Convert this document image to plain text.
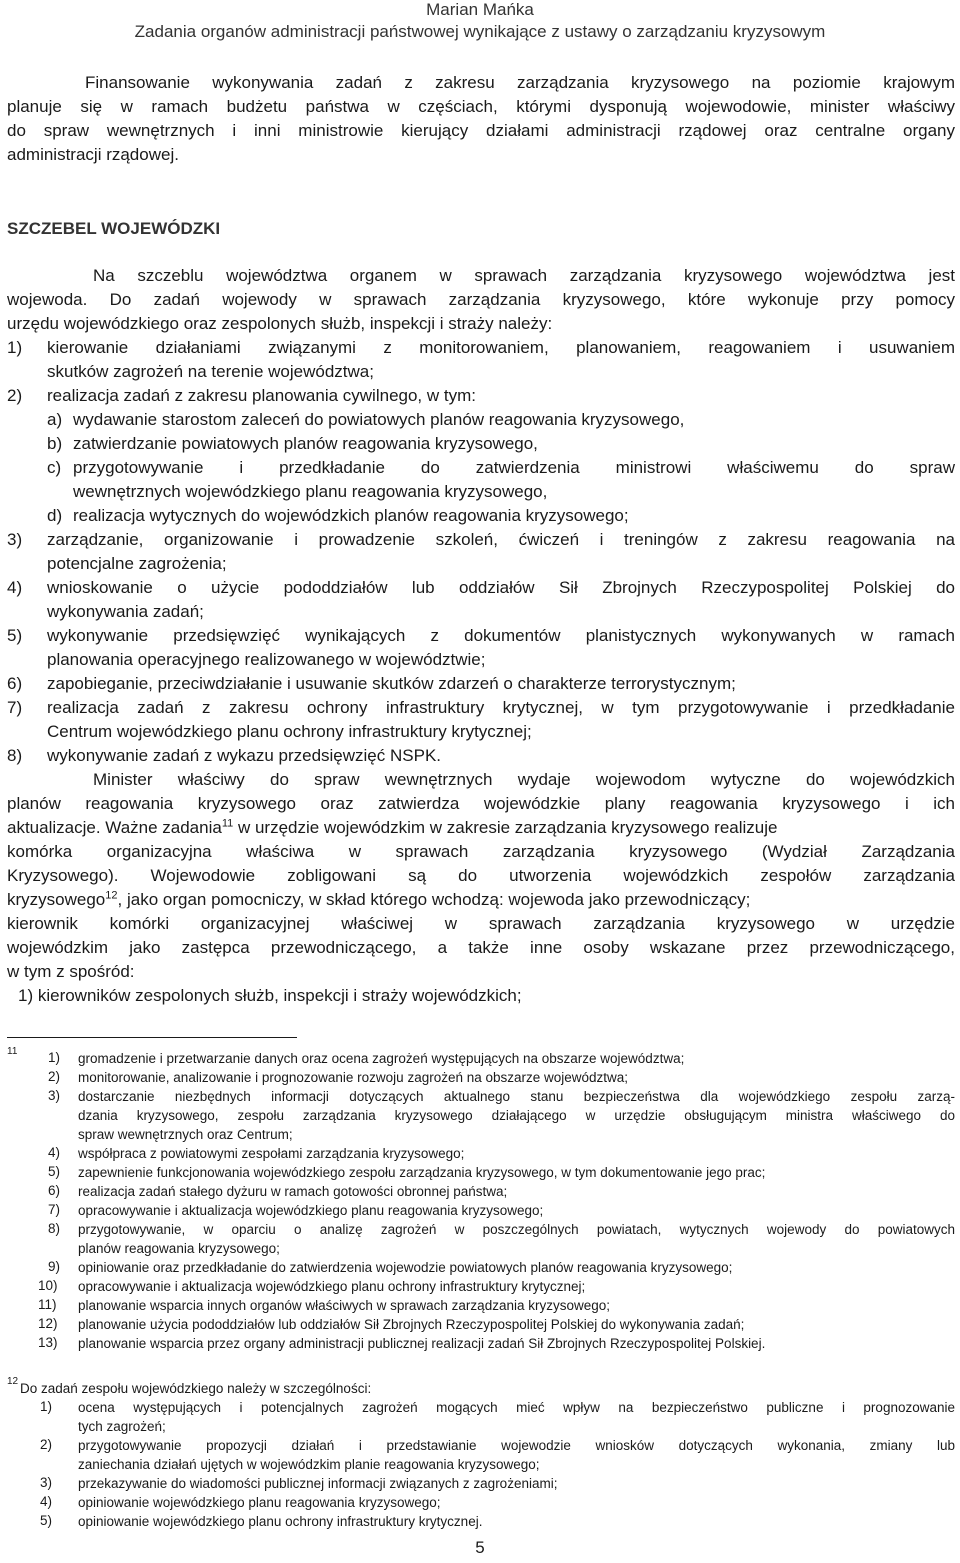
Marian Mańka
Zadania organów administracji państwowej wynikające z ustawy o zarządzaniu kryzysowym
Finansowanie wykonywania zadań z zakresu zarządzania kryzysowego na poziomie krajowym
planuje się w ramach budżetu państwa w częściach, którymi dysponują wojewodowie, minister właściwy
do spraw wewnętrznych i inni ministrowie kierujący działami administracji rządowej oraz centralne organy
administracji rządowej.
SZCZEBEL WOJEWÓDZKI
Na szczeblu województwa organem w sprawach zarządzania kryzysowego województwa jest
wojewoda. Do zadań wojewody w sprawach zarządzania kryzysowego, które wykonuje przy pomocy
urzędu wojewódzkiego oraz zespolonych służb, inspekcji i straży należy:
1) kierowanie działaniami związanymi z monitorowaniem, planowaniem, reagowaniem i usuwaniem
skutków zagrożeń na terenie województwa;
2) realizacja zadań z zakresu planowania cywilnego, w tym:
a) wydawanie starostom zaleceń do powiatowych planów reagowania kryzysowego,
b) zatwierdzanie powiatowych planów reagowania kryzysowego,
c) przygotowywanie i przedkładanie do zatwierdzenia ministrowi właściwemu do spraw
wewnętrznych wojewódzkiego planu reagowania kryzysowego,
d) realizacja wytycznych do wojewódzkich planów reagowania kryzysowego;
3) zarządzanie, organizowanie i prowadzenie szkoleń, ćwiczeń i treningów z zakresu reagowania na
potencjalne zagrożenia;
4) wnioskowanie o użycie pododdziałów lub oddziałów Sił Zbrojnych Rzeczypospolitej Polskiej do
wykonywania zadań;
5) wykonywanie przedsięwzięć wynikających z dokumentów planistycznych wykonywanych w ramach
planowania operacyjnego realizowanego w województwie;
6) zapobieganie, przeciwdziałanie i usuwanie skutków zdarzeń o charakterze terrorystycznym;
7) realizacja zadań z zakresu ochrony infrastruktury krytycznej, w tym przygotowywanie i przedkładanie
Centrum wojewódzkiego planu ochrony infrastruktury krytycznej;
8) wykonywanie zadań z wykazu przedsięwzięć NSPK.
Minister właściwy do spraw wewnętrznych wydaje wojewodom wytyczne do wojewódzkich
planów reagowania kryzysowego oraz zatwierdza wojewódzkie plany reagowania kryzysowego i ich
aktualizacje. Ważne zadania$^{11}$ w urzędzie wojewódzkim w zakresie zarządzania kryzysowego realizuje
komórka organizacyjna właściwa w sprawach zarządzania kryzysowego (Wydział Zarządzania
Kryzysowego). Wojewodowie zobligowani są do utworzenia wojewódzkich zespołów zarządzania
kryzysowego$^{12}$, jako organ pomocniczy, w skład którego wchodzą: wojewoda jako przewodniczący;
kierownik komórki organizacyjnej właściwej w sprawach zarządzania kryzysowego w urzędzie
wojewódzkim jako zastępca przewodniczącego, a także inne osoby wskazane przez przewodniczącego,
w tym z spośród:
1) kierowników zespolonych służb, inspekcji i straży wojewódzkich;
11 1) gromadzenie i przetwarzanie danych oraz ocena zagrożeń występujących na obszarze województwa;
2) monitorowanie, analizowanie i prognozowanie rozwoju zagrożeń na obszarze województwa;
3) dostarczanie niezbędnych informacji dotyczących aktualnego stanu bezpieczeństwa dla wojewódzkiego zespołu zarzą-
dzania kryzysowego, zespołu zarządzania kryzysowego działającego w urzędzie obsługującym ministra właściwego do
spraw wewnętrznych oraz Centrum;
4) współpraca z powiatowymi zespołami zarządzania kryzysowego;
5) zapewnienie funkcjonowania wojewódzkiego zespołu zarządzania kryzysowego, w tym dokumentowanie jego prac;
6) realizacja zadań stałego dyżuru w ramach gotowości obronnej państwa;
7) opracowywanie i aktualizacja wojewódzkiego planu reagowania kryzysowego;
8) przygotowywanie, w oparciu o analizę zagrożeń w poszczególnych powiatach, wytycznych wojewody do powiatowych
planów reagowania kryzysowego;
9) opiniowanie oraz przedkładanie do zatwierdzenia wojewodzie powiatowych planów reagowania kryzysowego;
10) opracowywanie i aktualizacja wojewódzkiego planu ochrony infrastruktury krytycznej;
11) planowanie wsparcia innych organów właściwych w sprawach zarządzania kryzysowego;
12) planowanie użycia pododdziałów lub oddziałów Sił Zbrojnych Rzeczypospolitej Polskiej do wykonywania zadań;
13) planowanie wsparcia przez organy administracji publicznej realizacji zadań Sił Zbrojnych Rzeczypospolitej Polskiej.
12 Do zadań zespołu wojewódzkiego należy w szczególności:
1) ocena występujących i potencjalnych zagrożeń mogących mieć wpływ na bezpieczeństwo publiczne i prognozowanie
tych zagrożeń;
2) przygotowywanie propozycji działań i przedstawianie wojewodzie wniosków dotyczących wykonania, zmiany lub
zaniechania działań ujętych w wojewódzkim planie reagowania kryzysowego;
3) przekazywanie do wiadomości publicznej informacji związanych z zagrożeniami;
4) opiniowanie wojewódzkiego planu reagowania kryzysowego;
5) opiniowanie wojewódzkiego planu ochrony infrastruktury krytycznej.
5
